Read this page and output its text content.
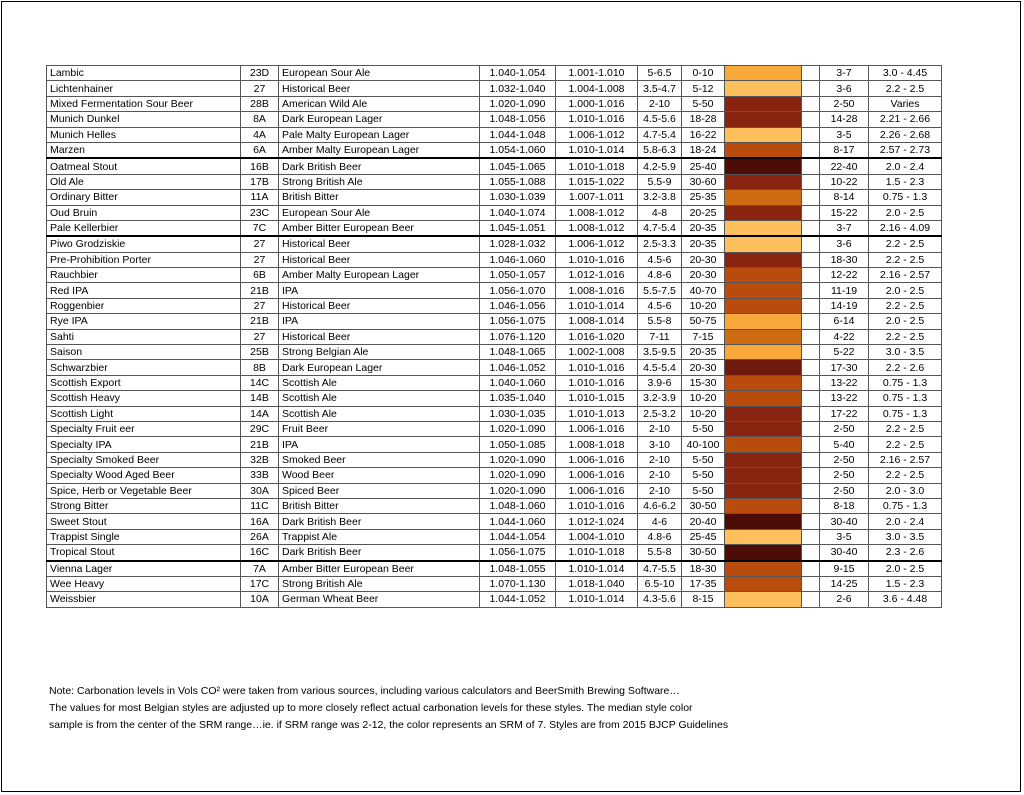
Lambic	23D	European Sour Ale	1.040-1.054	1.001-1.010	5-6.5	0-10			3-7	3.0 - 4.45
Lichtenhainer	27	Historical Beer	1.032-1.040	1.004-1.008	3.5-4.7	5-12			3-6	2.2 - 2.5
Mixed Fermentation Sour Beer	28B	American Wild Ale	1.020-1.090	1.000-1.016	2-10	5-50			2-50	Varies
Munich Dunkel	8A	Dark European Lager	1.048-1.056	1.010-1.016	4.5-5.6	18-28			14-28	2.21 - 2.66
Munich Helles	4A	Pale Malty European Lager	1.044-1.048	1.006-1.012	4.7-5.4	16-22			3-5	2.26 - 2.68
Marzen	6A	Amber Malty European Lager	1.054-1.060	1.010-1.014	5.8-6.3	18-24			8-17	2.57 - 2.73
Oatmeal Stout	16B	Dark British Beer	1.045-1.065	1.010-1.018	4.2-5.9	25-40			22-40	2.0 - 2.4
Old Ale	17B	Strong British Ale	1.055-1.088	1.015-1.022	5.5-9	30-60			10-22	1.5 - 2.3
Ordinary Bitter	11A	British Bitter	1.030-1.039	1.007-1.011	3.2-3.8	25-35			8-14	0.75 - 1.3
Oud Bruin	23C	European Sour Ale	1.040-1.074	1.008-1.012	4-8	20-25			15-22	2.0 - 2.5
Pale Kellerbier	7C	Amber Bitter European Beer	1.045-1.051	1.008-1.012	4.7-5.4	20-35			3-7	2.16 - 4.09
Piwo Grodziskie	27	Historical Beer	1.028-1.032	1.006-1.012	2.5-3.3	20-35			3-6	2.2 - 2.5
Pre-Prohibition Porter	27	Historical Beer	1.046-1.060	1.010-1.016	4.5-6	20-30			18-30	2.2 - 2.5
Rauchbier	6B	Amber Malty European Lager	1.050-1.057	1.012-1.016	4.8-6	20-30			12-22	2.16 - 2.57
Red IPA	21B	IPA	1.056-1.070	1.008-1.016	5.5-7.5	40-70			11-19	2.0 - 2.5
Roggenbier	27	Historical Beer	1.046-1.056	1.010-1.014	4.5-6	10-20			14-19	2.2 - 2.5
Rye IPA	21B	IPA	1.056-1.075	1.008-1.014	5.5-8	50-75			6-14	2.0 - 2.5
Sahti	27	Historical Beer	1.076-1.120	1.016-1.020	7-11	7-15			4-22	2.2 - 2.5
Saison	25B	Strong Belgian Ale	1.048-1.065	1.002-1.008	3.5-9.5	20-35			5-22	3.0 - 3.5
Schwarzbier	8B	Dark European Lager	1.046-1.052	1.010-1.016	4.5-5.4	20-30			17-30	2.2 - 2.6
Scottish Export	14C	Scottish Ale	1.040-1.060	1.010-1.016	3.9-6	15-30			13-22	0.75 - 1.3
Scottish Heavy	14B	Scottish Ale	1.035-1.040	1.010-1.015	3.2-3.9	10-20			13-22	0.75 - 1.3
Scottish Light	14A	Scottish Ale	1.030-1.035	1.010-1.013	2.5-3.2	10-20			17-22	0.75 - 1.3
Specialty Fruit eer	29C	Fruit Beer	1.020-1.090	1.006-1.016	2-10	5-50			2-50	2.2 - 2.5
Specialty IPA	21B	IPA	1.050-1.085	1.008-1.018	3-10	40-100			5-40	2.2 - 2.5
Specialty Smoked Beer	32B	Smoked Beer	1.020-1.090	1.006-1.016	2-10	5-50			2-50	2.16 - 2.57
Specialty Wood Aged Beer	33B	Wood Beer	1.020-1.090	1.006-1.016	2-10	5-50			2-50	2.2 - 2.5
Spice, Herb or Vegetable Beer	30A	Spiced Beer	1.020-1.090	1.006-1.016	2-10	5-50			2-50	2.0 - 3.0
Strong Bitter	11C	British Bitter	1.048-1.060	1.010-1.016	4.6-6.2	30-50			8-18	0.75 - 1.3
Sweet Stout	16A	Dark British Beer	1.044-1.060	1.012-1.024	4-6	20-40			30-40	2.0 - 2.4
Trappist Single	26A	Trappist Ale	1.044-1.054	1.004-1.010	4.8-6	25-45			3-5	3.0 - 3.5
Tropical Stout	16C	Dark British Beer	1.056-1.075	1.010-1.018	5.5-8	30-50			30-40	2.3 - 2.6
Vienna Lager	7A	Amber Bitter European Beer	1.048-1.055	1.010-1.014	4.7-5.5	18-30			9-15	2.0 - 2.5
Wee Heavy	17C	Strong British Ale	1.070-1.130	1.018-1.040	6.5-10	17-35			14-25	1.5 - 2.3
Weissbier	10A	German Wheat Beer	1.044-1.052	1.010-1.014	4.3-5.6	8-15			2-6	3.6 - 4.48
Note: Carbonation levels in Vols CO² were taken from various sources, including various calculators and BeerSmith Brewing Software…
The values for most Belgian styles are adjusted up to more closely reflect actual carbonation levels for these styles. The median style color
sample is from the center of the SRM range…ie. if SRM range was 2-12, the color represents an SRM of 7. Styles are from 2015 BJCP Guidelines
